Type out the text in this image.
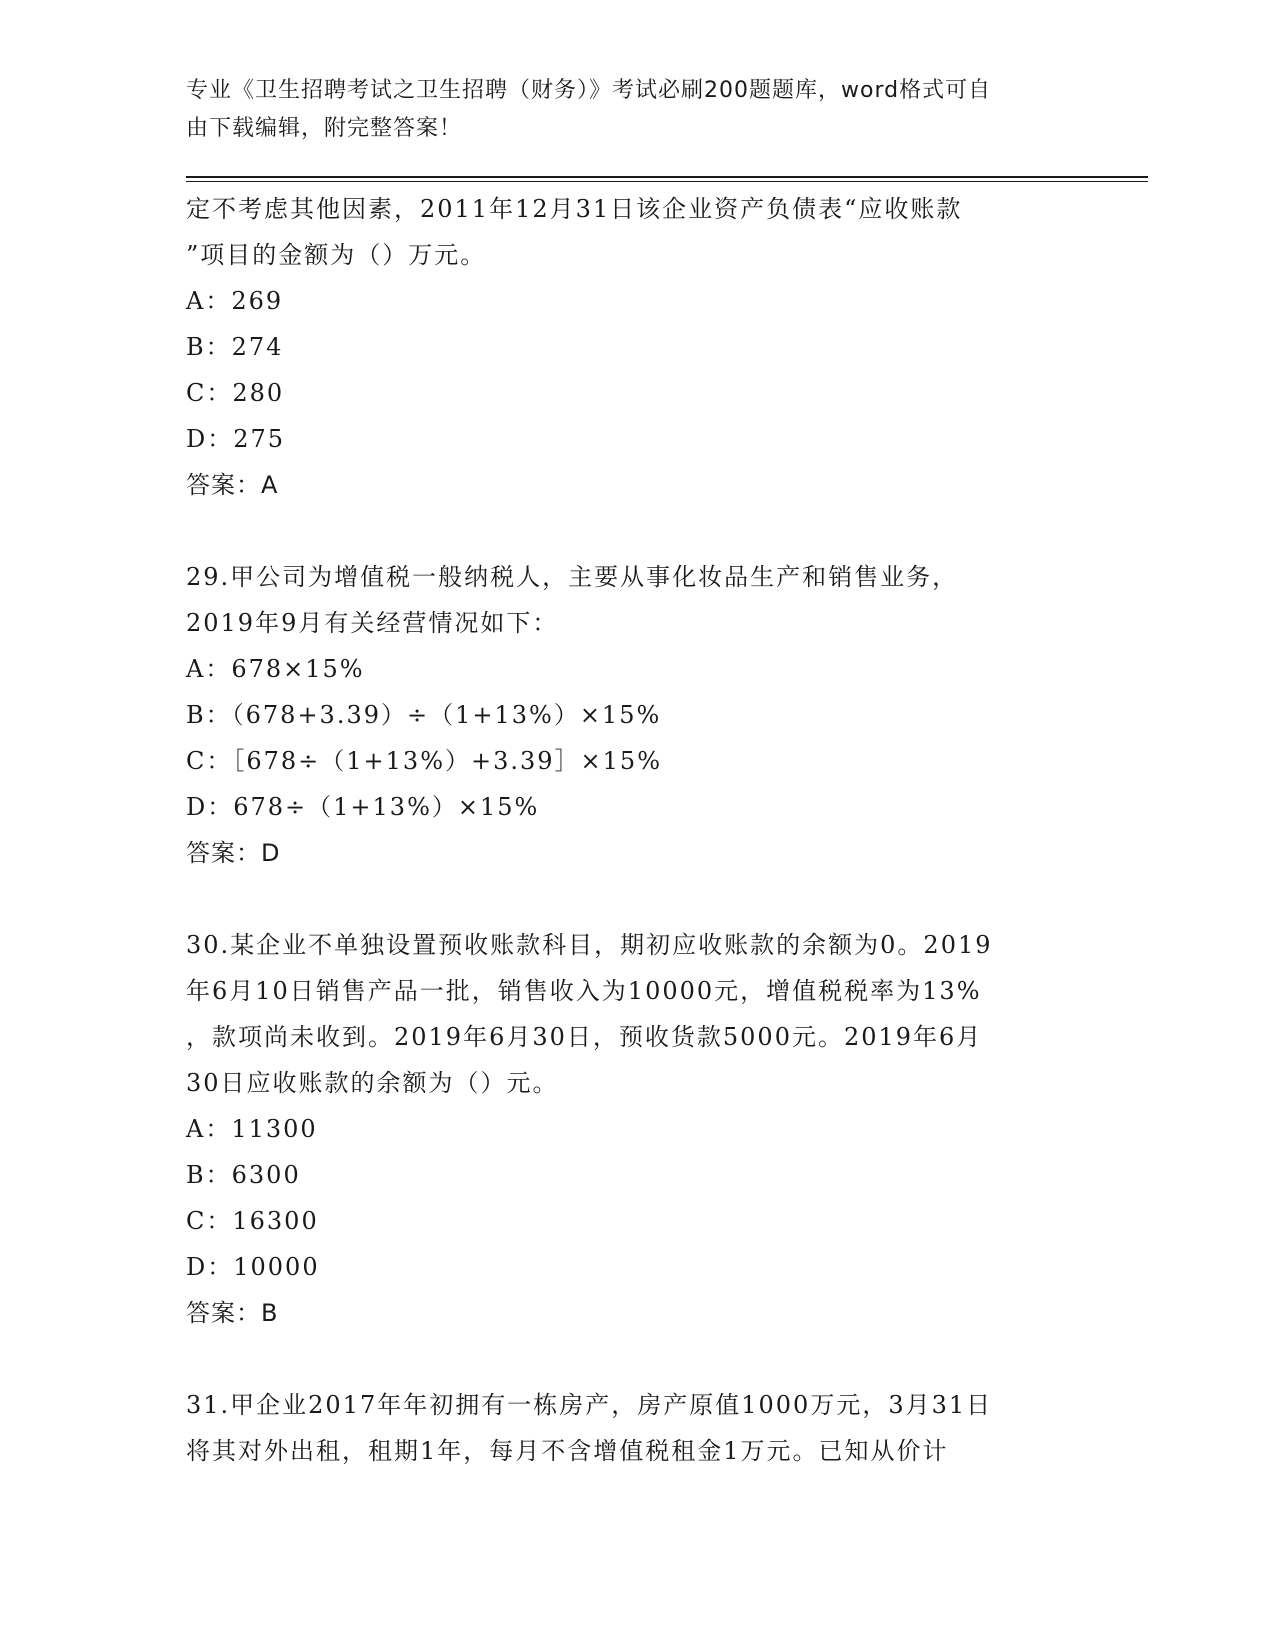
专业《卫生招聘考试之卫生招聘（财务）》考试必刷200题题库，word格式可自
由下载编辑，附完整答案！

定不考虑其他因素，2011年12月31日该企业资产负债表“应收账款

”项目的金额为（）万元。

A：269

B：274

C：280

D：275

答案：A

29.甲公司为增值税一般纳税人，主要从事化妆品生产和销售业务，

2019年9月有关经营情况如下：

A：678×15%

B：（678+3.39）÷（1+13%）×15%

C：［678÷（1+13%）+3.39］×15%

D：678÷（1+13%）×15%

答案：D

30.某企业不单独设置预收账款科目，期初应收账款的余额为0。2019

年6月10日销售产品一批，销售收入为10000元，增值税税率为13%

，款项尚未收到。2019年6月30日，预收货款5000元。2019年6月

30日应收账款的余额为（）元。

A：11300

B：6300

C：16300

D：10000

答案：B

31.甲企业2017年年初拥有一栋房产，房产原值1000万元，3月31日

将其对外出租，租期1年，每月不含增值税租金1万元。已知从价计
